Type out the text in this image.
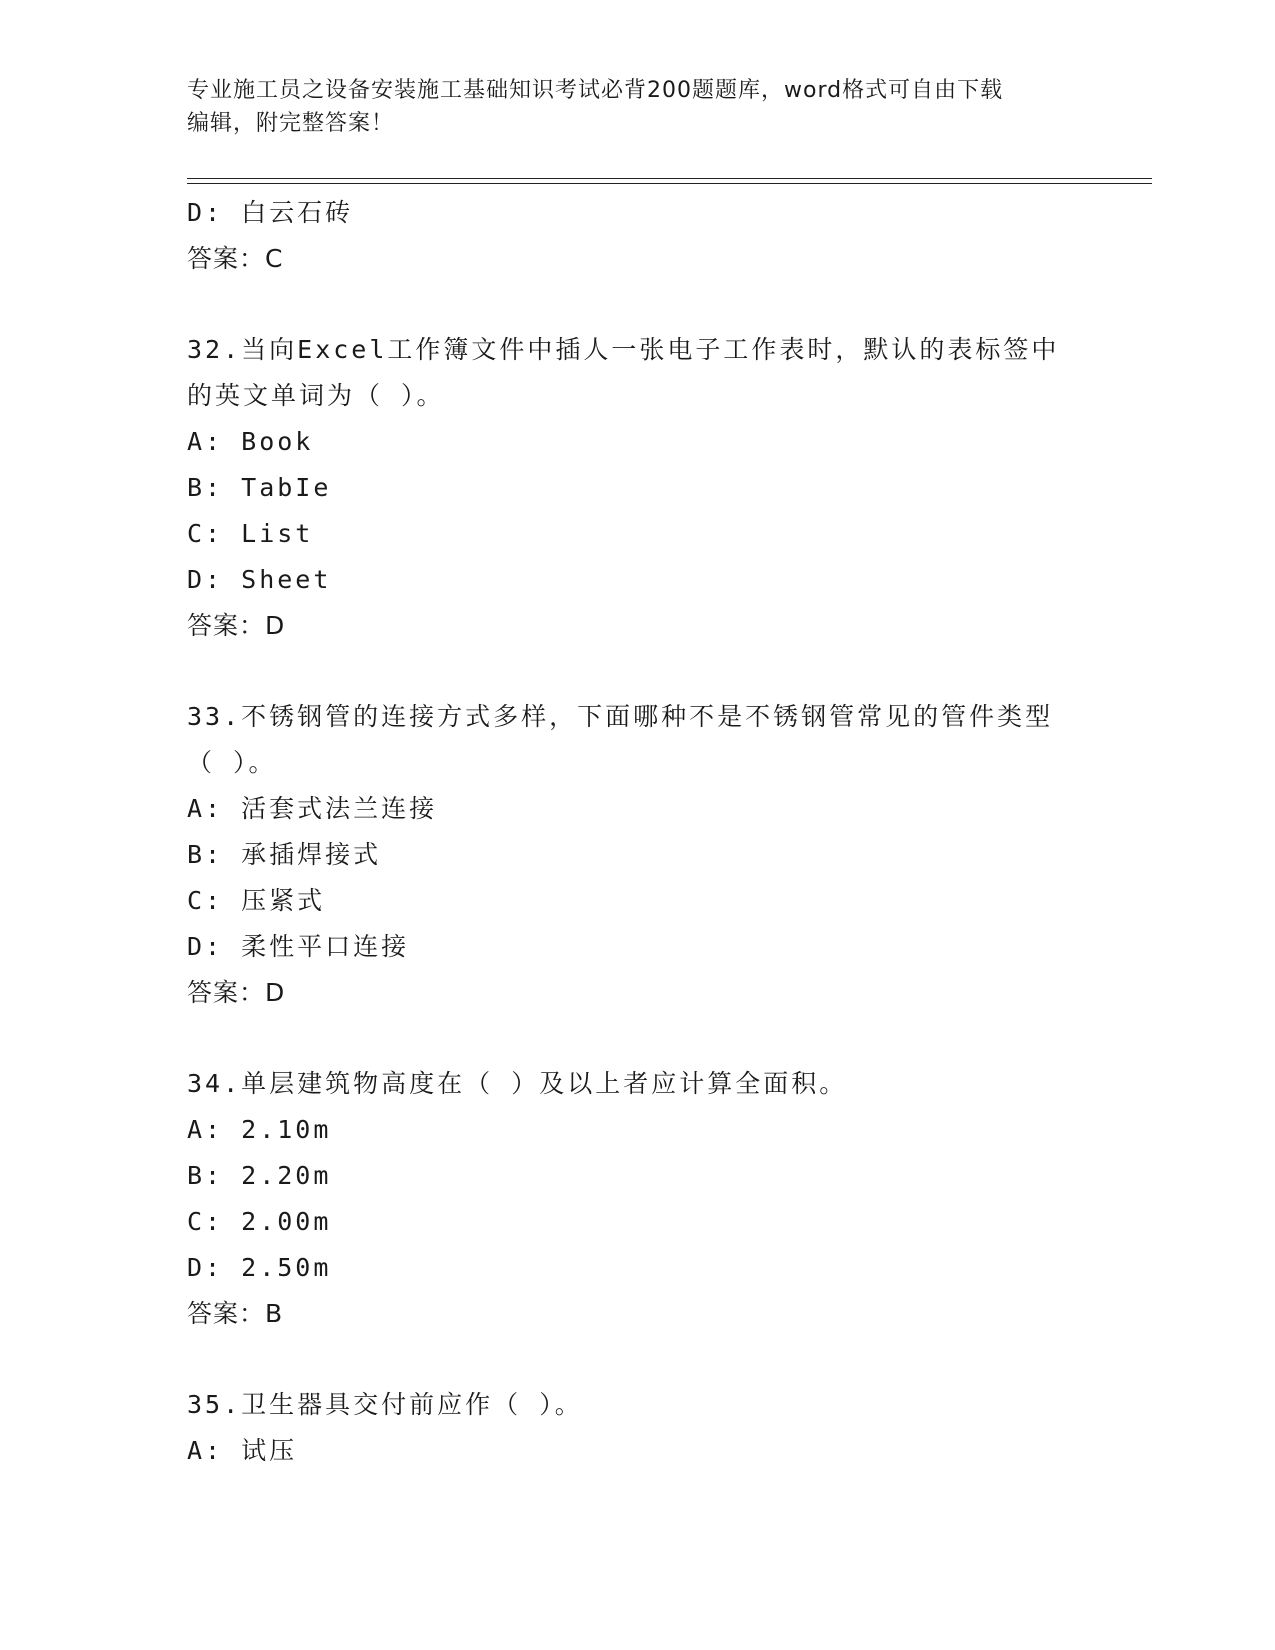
专业施工员之设备安装施工基础知识考试必背200题题库，word格式可自由下载
编辑，附完整答案！
D: 白云石砖
答案：C
32.当向Excel工作簿文件中插人一张电子工作表时，默认的表标签中
的英文单词为（ ）。
A: Book
B: TabIe
C: List
D: Sheet
答案：D
33.不锈钢管的连接方式多样，下面哪种不是不锈钢管常见的管件类型
（ ）。
A: 活套式法兰连接
B: 承插焊接式
C: 压紧式
D: 柔性平口连接
答案：D
34.单层建筑物高度在（ ）及以上者应计算全面积。
A: 2.10m
B: 2.20m
C: 2.00m
D: 2.50m
答案：B
35.卫生器具交付前应作（ ）。
A: 试压
